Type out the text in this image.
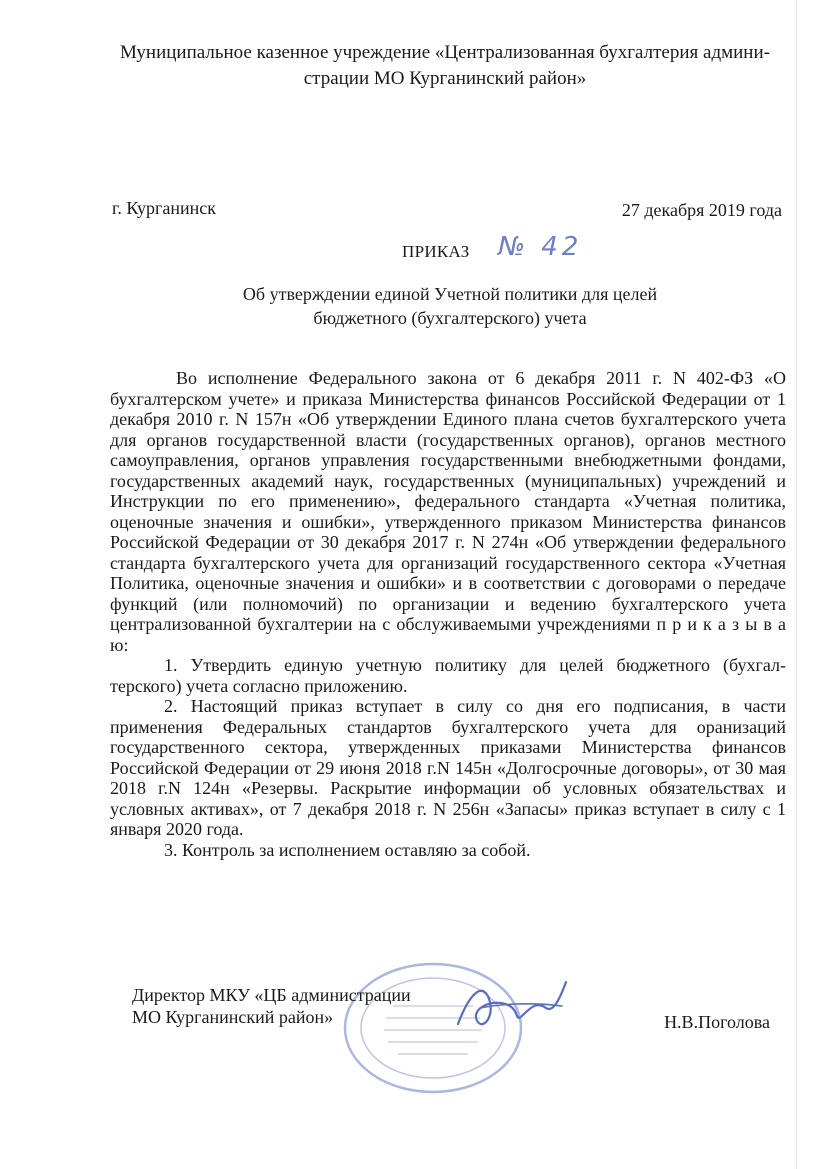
Муниципальное казенное учреждение «Централизованная бухгалтерия админи-
страции МО Курганинский район»
г. Курганинск	27 декабря 2019 года
ПРИКАЗ № 42
Об утверждении единой Учетной политики для целей
бюджетного (бухгалтерского) учета

Во исполнение Федерального закона от 6 декабря 2011 г. N 402-ФЗ «О бухгалтерском учете» и приказа Министерства финансов Российской Федерации от 1 декабря 2010 г. N 157н «Об утверждении Единого плана счетов бухгалтерского учета для органов государственной власти (государственных органов), органов местного самоуправления, органов управления государственными внебюджетными фондами, государственных академий наук, государственных (муниципальных) учреждений и Инструкции по его применению», федерального стандарта «Учетная политика, оценочные значения и ошибки», утвержденного приказом Министерства финансов Российской Федерации от 30 декабря 2017 г. N 274н «Об утверждении федерального стандарта бухгалтерского учета для организаций государственного сектора «Учетная Политика, оценочные значения и ошибки» и в соответствии с договорами о передаче функций (или полномочий) по организации и ведению бухгалтерского учета централизованной бухгалтерии на с обслуживаемыми учреждениями п р и к а з ы в а ю:

1. Утвердить единую учетную политику для целей бюджетного (бухгал-терского) учета согласно приложению.

2. Настоящий приказ вступает в силу со дня его подписания, в части применения Федеральных стандартов бухгалтерского учета для оранизаций государственного сектора, утвержденных приказами Министерства финансов Российской Федерации от 29 июня 2018 г.N 145н «Долгосрочные договоры», от 30 мая 2018 г.N 124н «Резервы. Раскрытие информации об условных обязательствах и условных активах», от 7 декабря 2018 г. N 256н «Запасы» приказ вступает в силу с 1 января 2020 года.

3. Контроль за исполнением оставляю за собой.

Директор МКУ «ЦБ администрации
МО Курганинский район»	Н.В.Поголова
